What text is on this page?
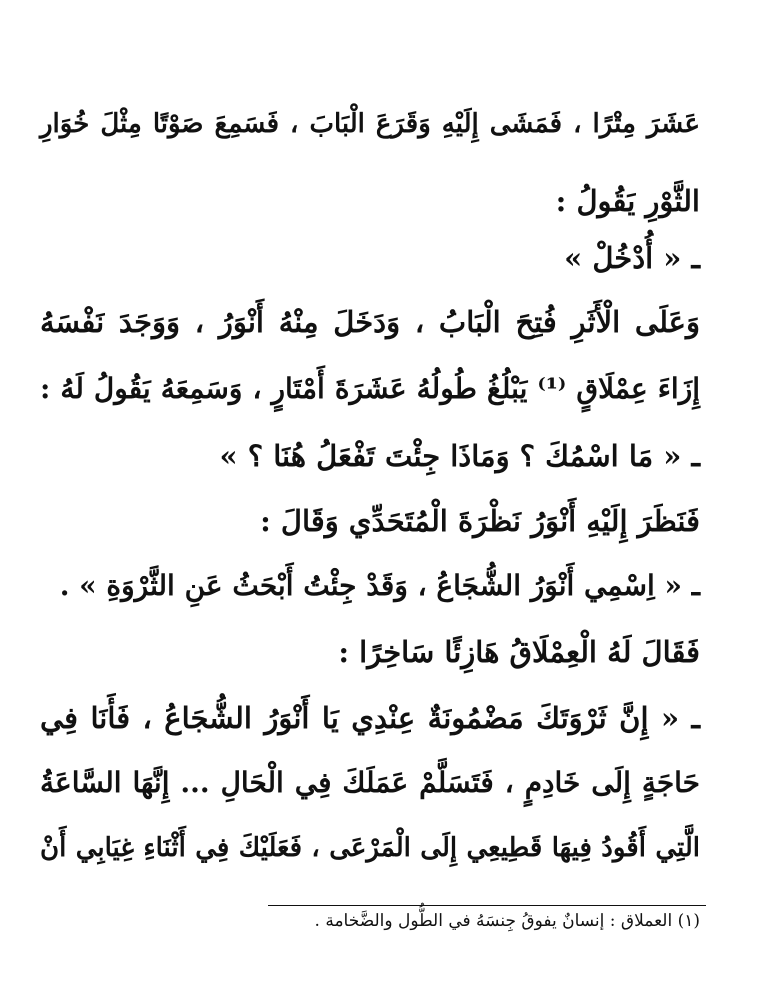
عَشَرَ مِتْرًا ، فَمَشَى إِلَيْهِ وَقَرَعَ الْبَابَ ، فَسَمِعَ صَوْتًا مِثْلَ خُوَارِ
الثَّوْرِ يَقُولُ :
ـ « أُدْخُلْ »
وَعَلَى الْأَثَرِ فُتِحَ الْبَابُ ، وَدَخَلَ مِنْهُ أَنْوَرُ ، وَوَجَدَ نَفْسَهُ
إِزَاءَ عِمْلَاقٍ ⁽¹⁾ يَبْلُغُ طُولُهُ عَشَرَةَ أَمْتَارٍ ، وَسَمِعَهُ يَقُولُ لَهُ :
ـ « مَا اسْمُكَ ؟ وَمَاذَا جِئْتَ تَفْعَلُ هُنَا ؟ »
فَنَظَرَ إِلَيْهِ أَنْوَرُ نَظْرَةَ الْمُتَحَدِّي وَقَالَ :
ـ « اِسْمِي أَنْوَرُ الشُّجَاعُ ، وَقَدْ جِئْتُ أَبْحَثُ عَنِ الثَّرْوَةِ » .
فَقَالَ لَهُ الْعِمْلَاقُ هَازِئًا سَاخِرًا :
ـ « إِنَّ ثَرْوَتَكَ مَضْمُونَةٌ عِنْدِي يَا أَنْوَرُ الشُّجَاعُ ، فَأَنَا فِي
حَاجَةٍ إِلَى خَادِمٍ ، فَتَسَلَّمْ عَمَلَكَ فِي الْحَالِ ... إِنَّهَا السَّاعَةُ
الَّتِي أَقُودُ فِيهَا قَطِيعِي إِلَى الْمَرْعَى ، فَعَلَيْكَ فِي أَثْنَاءِ غِيَابِي أَنْ
(١) العملاق : إنسانٌ يفوقُ جِنسَهُ في الطُّول والضَّخامة .
